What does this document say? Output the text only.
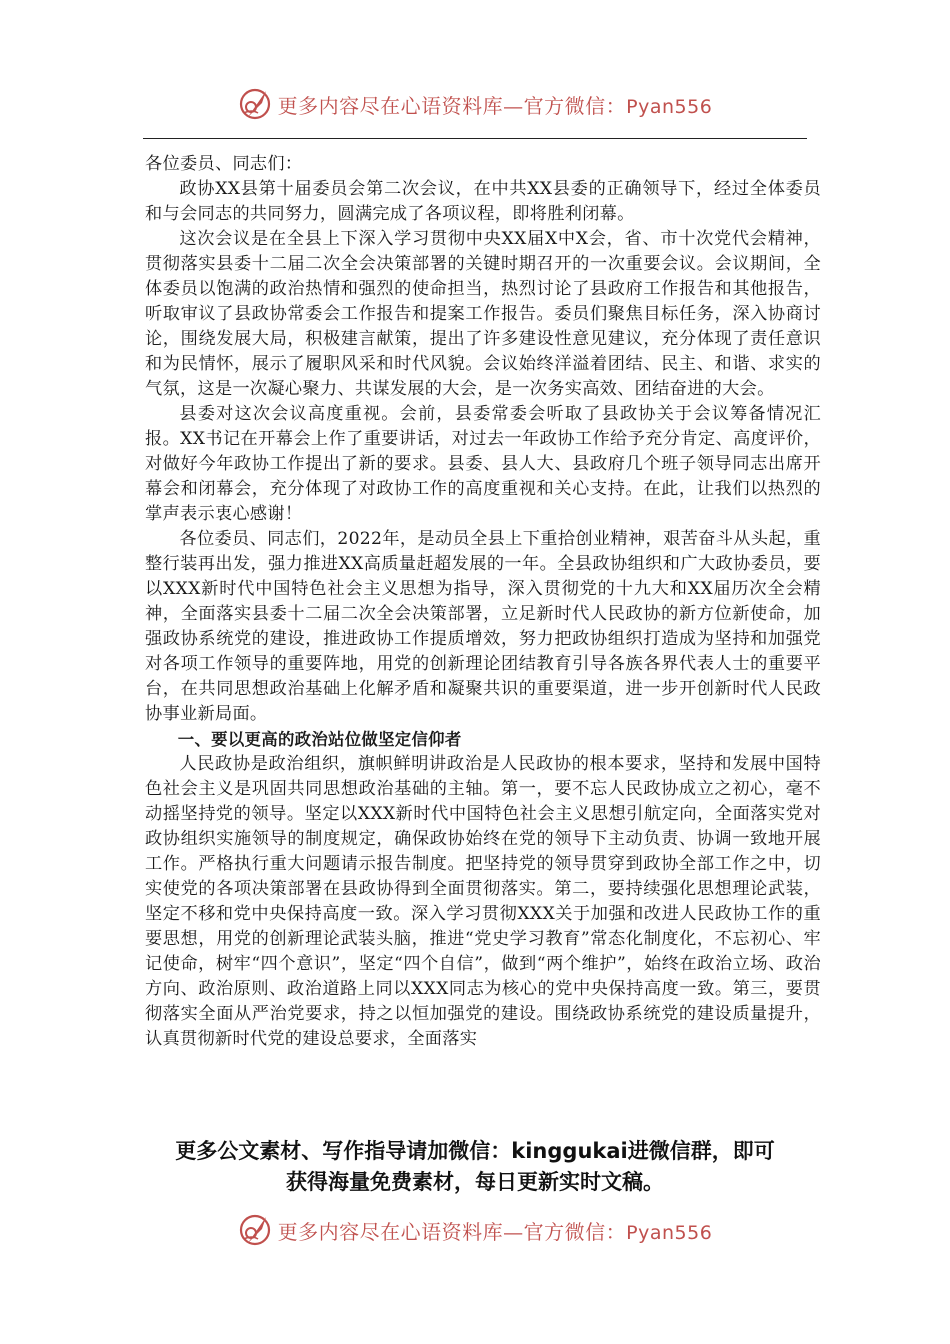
更多内容尽在心语资料库—官方微信：Pyan556

各位委员、同志们：

政协XX县第十届委员会第二次会议，在中共XX县委的正确领导下，经过全体委员和与会同志的共同努力，圆满完成了各项议程，即将胜利闭幕。

这次会议是在全县上下深入学习贯彻中央XX届X中X会，省、市十次党代会精神，贯彻落实县委十二届二次全会决策部署的关键时期召开的一次重要会议。会议期间，全体委员以饱满的政治热情和强烈的使命担当，热烈讨论了县政府工作报告和其他报告，听取审议了县政协常委会工作报告和提案工作报告。委员们聚焦目标任务，深入协商讨论，围绕发展大局，积极建言献策，提出了许多建设性意见建议，充分体现了责任意识和为民情怀，展示了履职风采和时代风貌。会议始终洋溢着团结、民主、和谐、求实的气氛，这是一次凝心聚力、共谋发展的大会，是一次务实高效、团结奋进的大会。

县委对这次会议高度重视。会前，县委常委会听取了县政协关于会议筹备情况汇报。XX书记在开幕会上作了重要讲话，对过去一年政协工作给予充分肯定、高度评价，对做好今年政协工作提出了新的要求。县委、县人大、县政府几个班子领导同志出席开幕会和闭幕会，充分体现了对政协工作的高度重视和关心支持。在此，让我们以热烈的掌声表示衷心感谢！

各位委员、同志们，2022年，是动员全县上下重拾创业精神，艰苦奋斗从头起，重整行装再出发，强力推进XX高质量赶超发展的一年。全县政协组织和广大政协委员，要以XXX新时代中国特色社会主义思想为指导，深入贯彻党的十九大和XX届历次全会精神，全面落实县委十二届二次全会决策部署，立足新时代人民政协的新方位新使命，加强政协系统党的建设，推进政协工作提质增效，努力把政协组织打造成为坚持和加强党对各项工作领导的重要阵地，用党的创新理论团结教育引导各族各界代表人士的重要平台，在共同思想政治基础上化解矛盾和凝聚共识的重要渠道，进一步开创新时代人民政协事业新局面。

一、要以更高的政治站位做坚定信仰者

人民政协是政治组织，旗帜鲜明讲政治是人民政协的根本要求，坚持和发展中国特色社会主义是巩固共同思想政治基础的主轴。第一，要不忘人民政协成立之初心，毫不动摇坚持党的领导。坚定以XXX新时代中国特色社会主义思想引航定向，全面落实党对政协组织实施领导的制度规定，确保政协始终在党的领导下主动负责、协调一致地开展工作。严格执行重大问题请示报告制度。把坚持党的领导贯穿到政协全部工作之中，切实使党的各项决策部署在县政协得到全面贯彻落实。第二，要持续强化思想理论武装，坚定不移和党中央保持高度一致。深入学习贯彻XXX关于加强和改进人民政协工作的重要思想，用党的创新理论武装头脑，推进“党史学习教育”常态化制度化，不忘初心、牢记使命，树牢“四个意识”，坚定“四个自信”，做到“两个维护”，始终在政治立场、政治方向、政治原则、政治道路上同以XXX同志为核心的党中央保持高度一致。第三，要贯彻落实全面从严治党要求，持之以恒加强党的建设。围绕政协系统党的建设质量提升，认真贯彻新时代党的建设总要求，全面落实

更多公文素材、写作指导请加微信：kinggukai进微信群，即可
获得海量免费素材，每日更新实时文稿。
更多内容尽在心语资料库—官方微信：Pyan556
